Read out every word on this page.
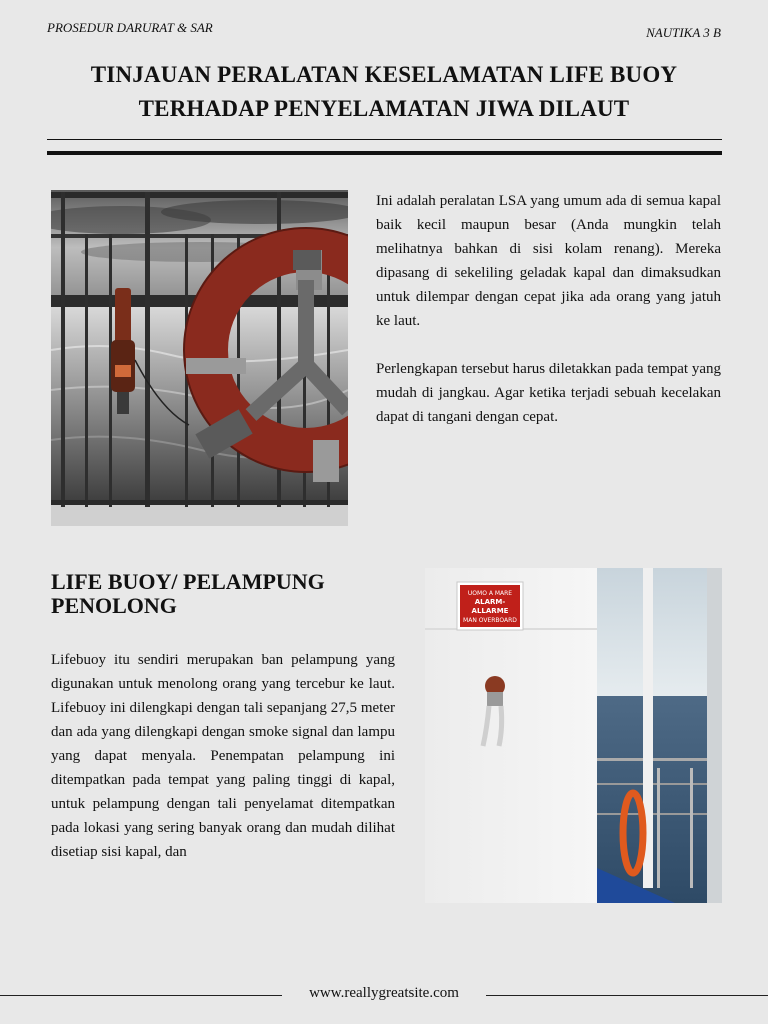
PROSEDUR DARURAT & SAR	NAUTIKA 3 B
TINJAUAN PERALATAN KESELAMATAN LIFE BUOY
TERHADAP PENYELAMATAN JIWA DILAUT

Ini adalah peralatan LSA yang umum ada di semua kapal baik kecil maupun besar (Anda mungkin telah melihatnya bahkan di sisi kolam renang). Mereka dipasang di sekeliling geladak kapal dan dimaksudkan untuk dilempar dengan cepat jika ada orang yang jatuh ke laut.

Perlengkapan tersebut harus diletakkan pada tempat yang mudah di jangkau. Agar ketika terjadi sebuah kecelakan dapat di tangani dengan cepat.

LIFE BUOY/ PELAMPUNG PENOLONG

Lifebuoy itu sendiri merupakan ban pelampung yang digunakan untuk menolong orang yang tercebur ke laut. Lifebuoy ini dilengkapi dengan tali sepanjang 27,5 meter dan ada yang dilengkapi dengan smoke signal dan lampu yang dapat menyala. Penempatan pelampung ini ditempatkan pada tempat yang paling tinggi di kapal, untuk pelampung dengan tali penyelamat ditempatkan pada lokasi yang sering banyak orang dan mudah dilihat disetiap sisi kapal, dan

UOMO A MARE
ALARM-ALLARME
MAN OVERBOARD
www.reallygreatsite.com
